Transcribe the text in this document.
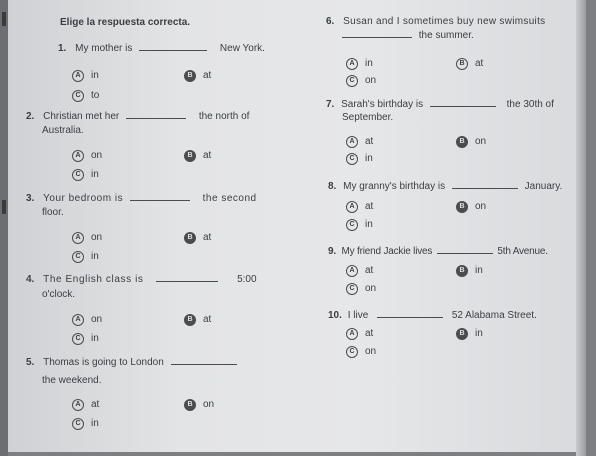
Elige la respuesta correcta.
1. My mother is	New York.
A in	B at
C to
2. Christian met her	the north of
Australia.
A on	B at
C in
3. Your bedroom is	the second
floor.
A on	B at
C in
4. The English class is	5:00
o'clock.
A on	B at
C in
5. Thomas is going to London
the weekend.
A at	B on
C in
6. Susan and I sometimes buy new swimsuits
the summer.
A in	B at
C on
7. Sarah's birthday is	the 30th of
September.
A at	B on
C in
8. My granny's birthday is	January.
A at	B on
C in
9. My friend Jackie lives	5th Avenue.
A at	B in
C on
10. I live	52 Alabama Street.
A at	B in
C on
